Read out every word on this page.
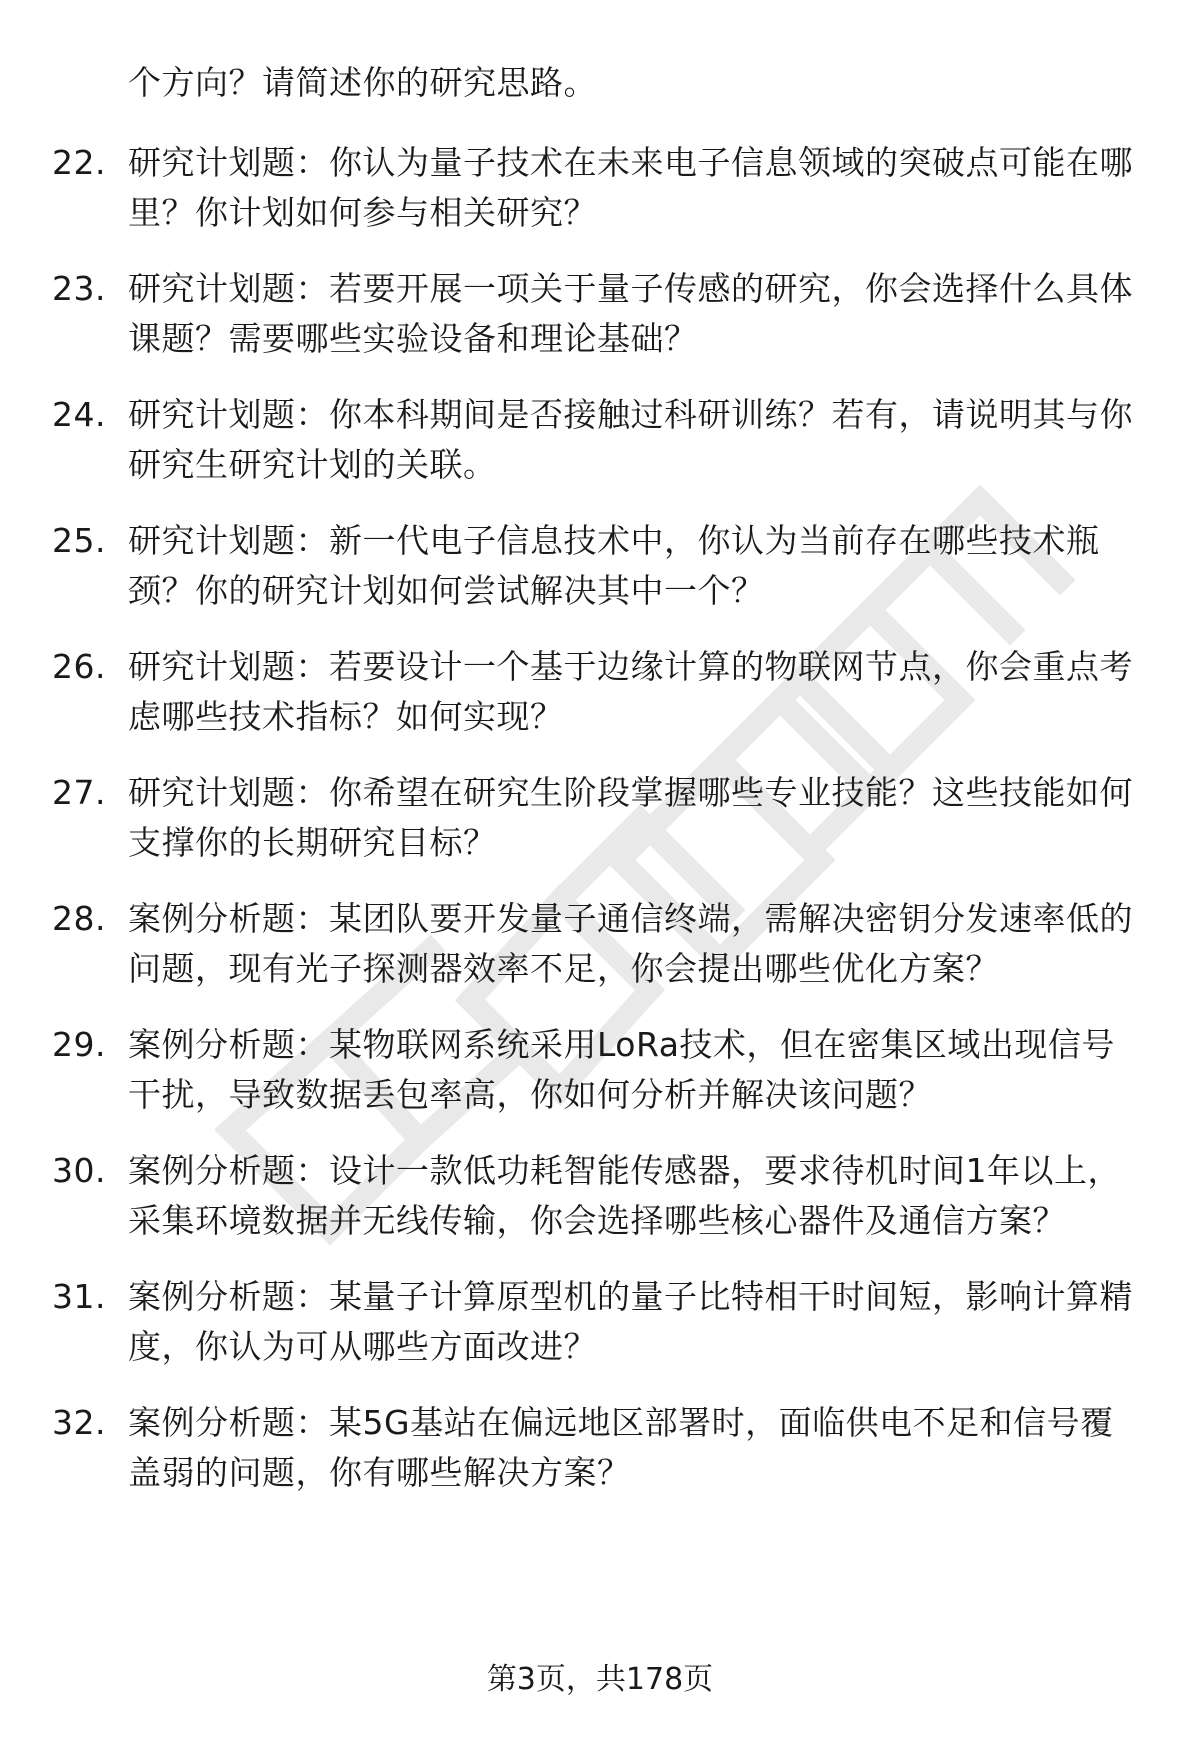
个方向？请简述你的研究思路。
22. 研究计划题：你认为量子技术在未来电子信息领域的突破点可能在哪里？你计划如何参与相关研究？
23. 研究计划题：若要开展一项关于量子传感的研究，你会选择什么具体课题？需要哪些实验设备和理论基础？
24. 研究计划题：你本科期间是否接触过科研训练？若有，请说明其与你研究生研究计划的关联。
25. 研究计划题：新一代电子信息技术中，你认为当前存在哪些技术瓶颈？你的研究计划如何尝试解决其中一个？
26. 研究计划题：若要设计一个基于边缘计算的物联网节点，你会重点考虑哪些技术指标？如何实现？
27. 研究计划题：你希望在研究生阶段掌握哪些专业技能？这些技能如何支撑你的长期研究目标？
28. 案例分析题：某团队要开发量子通信终端，需解决密钥分发速率低的问题，现有光子探测器效率不足，你会提出哪些优化方案？
29. 案例分析题：某物联网系统采用LoRa技术，但在密集区域出现信号干扰，导致数据丢包率高，你如何分析并解决该问题？
30. 案例分析题：设计一款低功耗智能传感器，要求待机时间1年以上，采集环境数据并无线传输，你会选择哪些核心器件及通信方案？
31. 案例分析题：某量子计算原型机的量子比特相干时间短，影响计算精度，你认为可从哪些方面改进？
32. 案例分析题：某5G基站在偏远地区部署时，面临供电不足和信号覆盖弱的问题，你有哪些解决方案？
第3页，共178页
